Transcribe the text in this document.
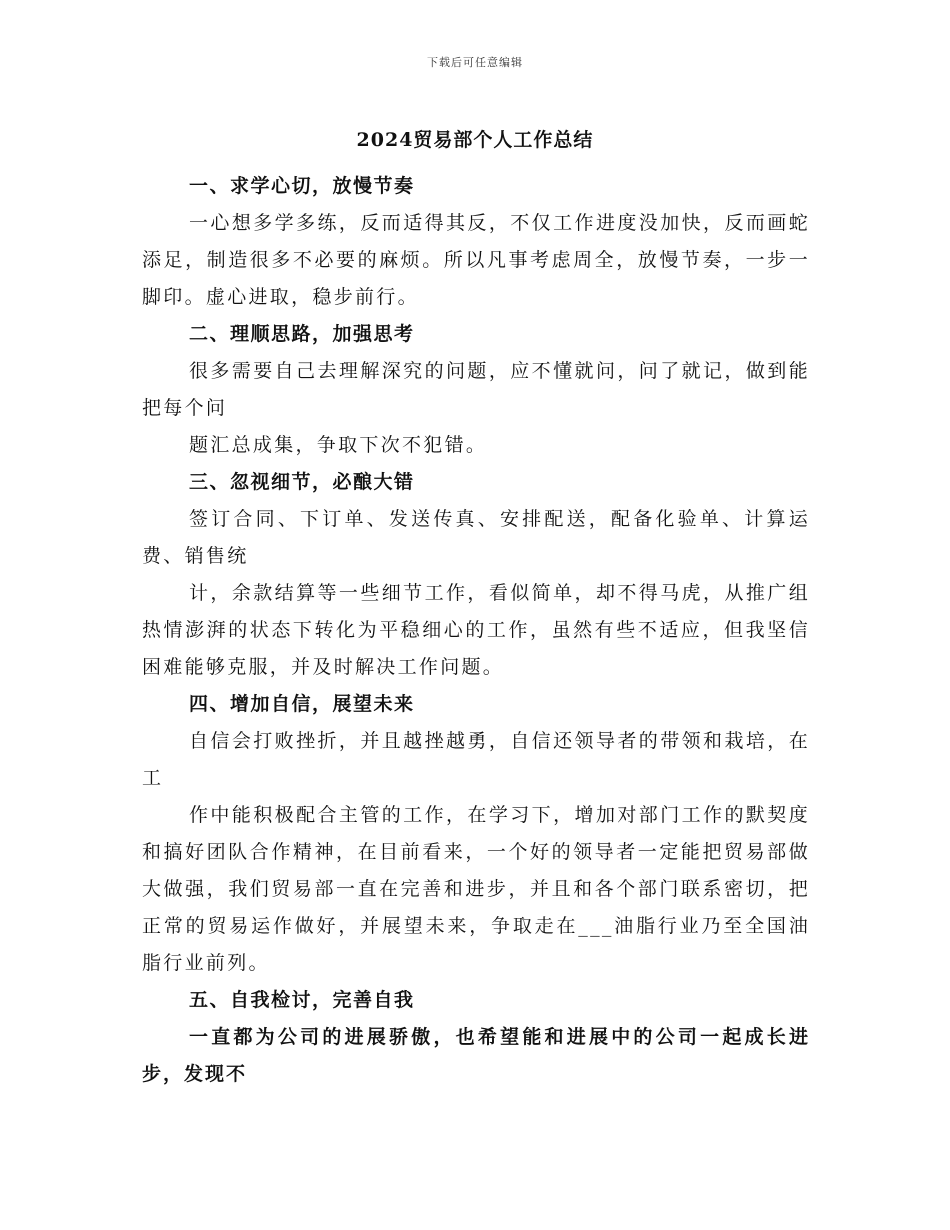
下载后可任意编辑
2024贸易部个人工作总结

一、求学心切，放慢节奏

一心想多学多练，反而适得其反，不仅工作进度没加快，反而画蛇添足，制造很多不必要的麻烦。所以凡事考虑周全，放慢节奏，一步一脚印。虚心进取，稳步前行。

二、理顺思路，加强思考

很多需要自己去理解深究的问题，应不懂就问，问了就记，做到能把每个问

题汇总成集，争取下次不犯错。

三、忽视细节，必酿大错

签订合同、下订单、发送传真、安排配送，配备化验单、计算运费、销售统

计，余款结算等一些细节工作，看似简单，却不得马虎，从推广组热情澎湃的状态下转化为平稳细心的工作，虽然有些不适应，但我坚信困难能够克服，并及时解决工作问题。

四、增加自信，展望未来

自信会打败挫折，并且越挫越勇，自信还领导者的带领和栽培，在工

作中能积极配合主管的工作，在学习下，增加对部门工作的默契度和搞好团队合作精神，在目前看来，一个好的领导者一定能把贸易部做大做强，我们贸易部一直在完善和进步，并且和各个部门联系密切，把正常的贸易运作做好，并展望未来，争取走在___油脂行业乃至全国油脂行业前列。

五、自我检讨，完善自我

一直都为公司的进展骄傲，也希望能和进展中的公司一起成长进步，发现不
